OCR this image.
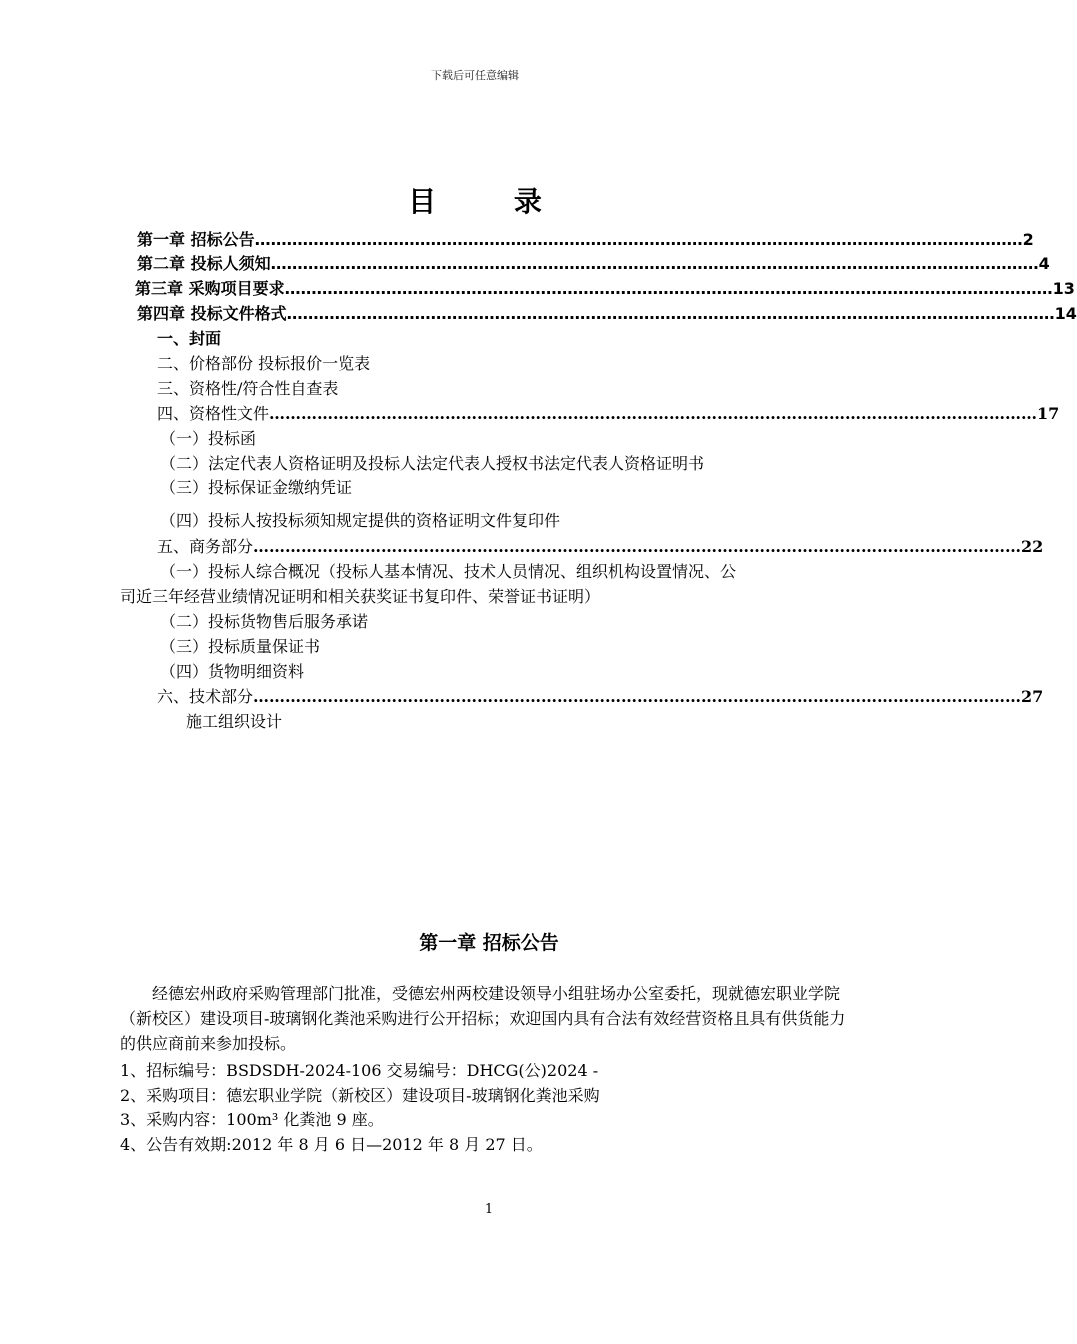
下载后可任意编辑
目 录
第一章 招标公告 ……………………………………………………………………………………………………………………………… 2
第二章 投标人须知 ……………………………………………………………………………………………………………………………… 4
第三章 采购项目要求 ……………………………………………………………………………………………………………………………… 13
第四章 投标文件格式 ……………………………………………………………………………………………………………………………… 14
一、封面
二、价格部份 投标报价一览表
三、资格性/符合性自查表
四、资格性文件 ……………………………………………………………………………………………………………………………… 17
（一）投标函
（二）法定代表人资格证明及投标人法定代表人授权书法定代表人资格证明书
（三）投标保证金缴纳凭证
（四）投标人按投标须知规定提供的资格证明文件复印件
五、商务部分 ……………………………………………………………………………………………………………………………… 22
（一）投标人综合概况（投标人基本情况、技术人员情况、组织机构设置情况、公
司近三年经营业绩情况证明和相关获奖证书复印件、荣誉证书证明）
（二）投标货物售后服务承诺
（三）投标质量保证书
（四）货物明细资料
六、技术部分 ……………………………………………………………………………………………………………………………… 27
施工组织设计
第一章 招标公告
经德宏州政府采购管理部门批准，受德宏州两校建设领导小组驻场办公室委托，现就德宏职业学院（新校区）建设项目-玻璃钢化粪池采购进行公开招标；欢迎国内具有合法有效经营资格且具有供货能力的供应商前来参加投标。
1、招标编号：BSDSDH-2024-106 交易编号：DHCG(公)2024 -
2、采购项目：德宏职业学院（新校区）建设项目-玻璃钢化粪池采购
3、采购内容：100m³ 化粪池 9 座。
4、公告有效期:2012 年 8 月 6 日—2012 年 8 月 27 日。
1
